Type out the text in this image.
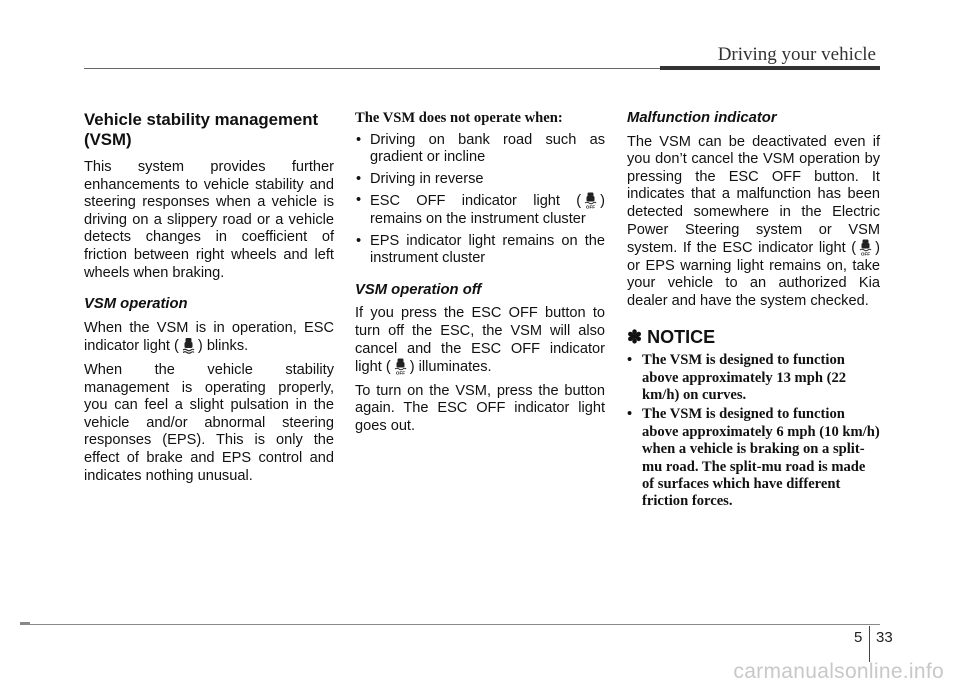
Driving your vehicle
Vehicle stability management (VSM)

This system provides further enhancements to vehicle stability and steering responses when a vehicle is driving on a slippery road or a vehicle detects changes in coefficient of friction between right wheels and left wheels when braking.

VSM operation

When the VSM is in operation, ESC indicator light ( ) blinks.

When the vehicle stability management is operating properly, you can feel a slight pulsation in the vehicle and/or abnormal steering responses (EPS). This is only the effect of brake and EPS control and indicates nothing unusual.

The VSM does not operate when:

• Driving on bank road such as gradient or incline
• Driving in reverse
• ESC OFF indicator light ( OFF ) remains on the instrument cluster
• EPS indicator light remains on the instrument cluster
VSM operation off

If you press the ESC OFF button to turn off the ESC, the VSM will also cancel and the ESC OFF indicator light ( OFF ) illuminates.

To turn on the VSM, press the button again. The ESC OFF indicator light goes out.

Malfunction indicator

The VSM can be deactivated even if you don’t cancel the VSM operation by pressing the ESC OFF button. It indicates that a malfunction has been detected somewhere in the Electric Power Steering system or VSM system. If the ESC indicator light ( OFF ) or EPS warning light remains on, take your vehicle to an authorized Kia dealer and have the system checked.

✽ NOTICE
• The VSM is designed to function above approximately 13 mph (22 km/h) on curves.
• The VSM is designed to function above approximately 6 mph (10 km/h) when a vehicle is braking on a split-mu road. The split-mu road is made of surfaces which have different friction forces.
5 33
carmanualsonline.info
